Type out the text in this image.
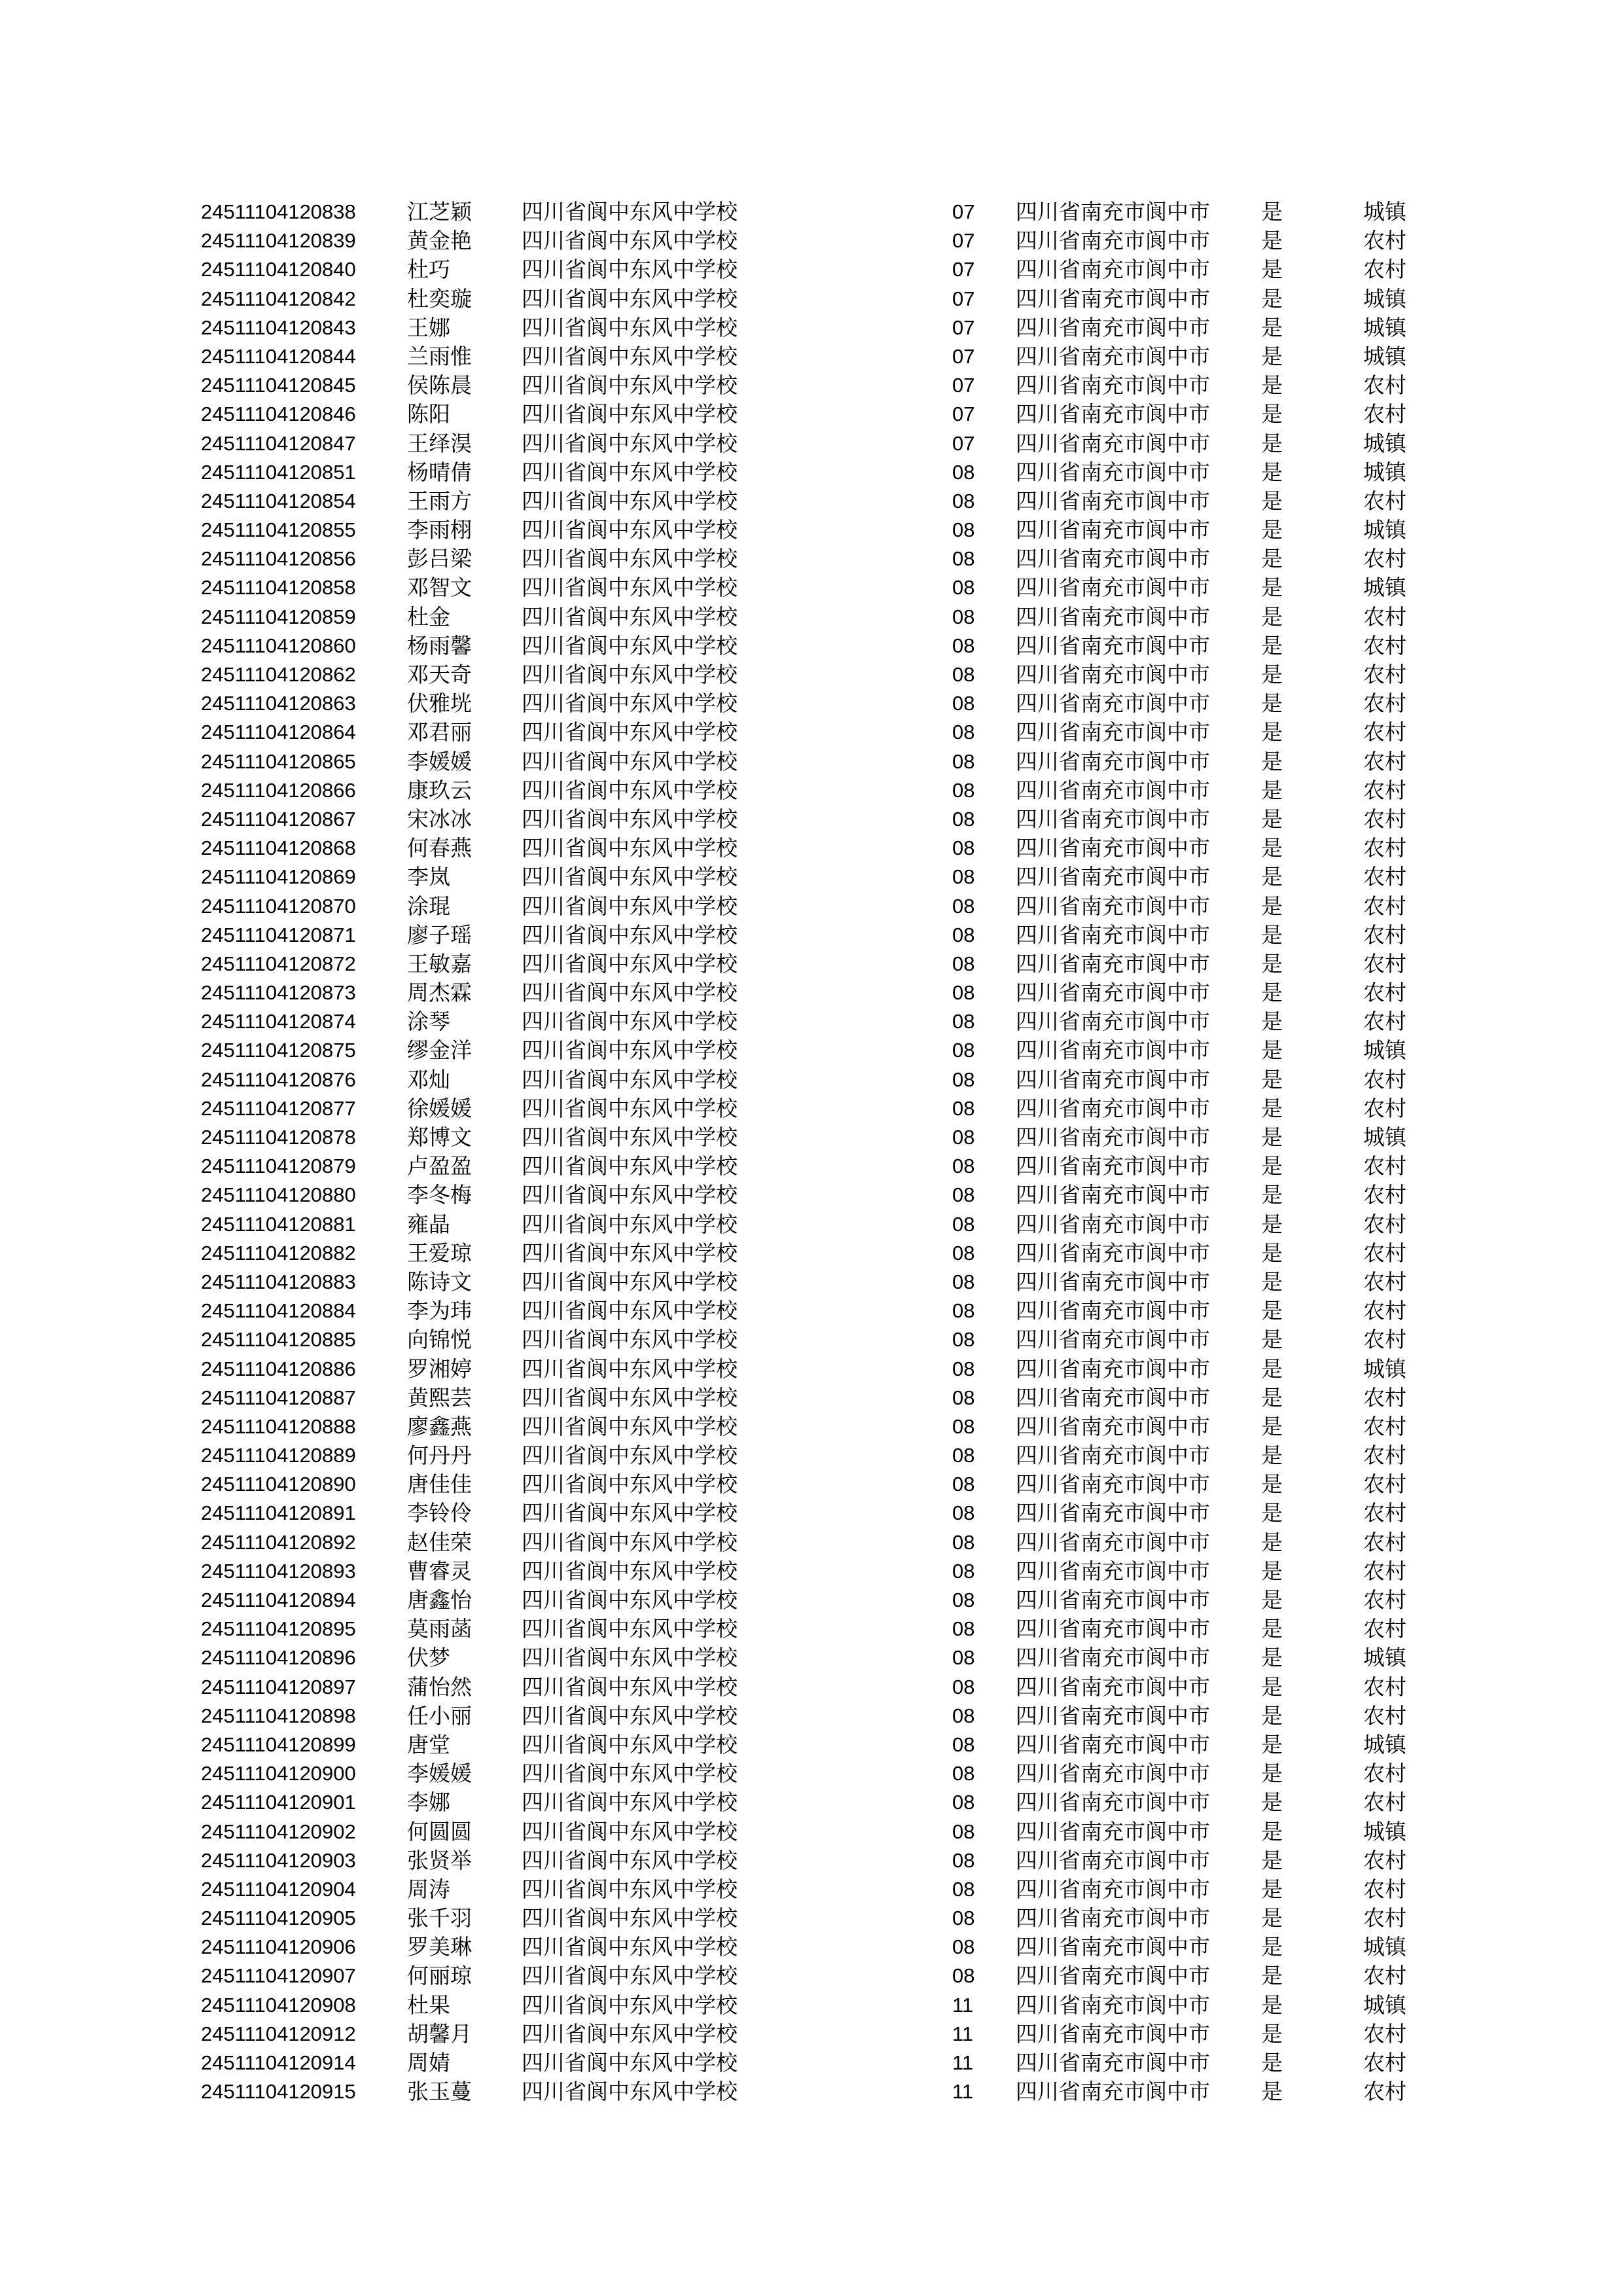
24511104120838 江芝颖 四川省阆中东风中学校	07 四川省南充市阆中市 是	城镇
24511104120839 黄金艳 四川省阆中东风中学校	07 四川省南充市阆中市 是	农村
24511104120840 杜巧	四川省阆中东风中学校	07 四川省南充市阆中市 是	农村
24511104120842 杜奕璇 四川省阆中东风中学校	07 四川省南充市阆中市 是	城镇
24511104120843 王娜	四川省阆中东风中学校	07 四川省南充市阆中市 是	城镇
24511104120844 兰雨惟 四川省阆中东风中学校	07 四川省南充市阆中市 是	城镇
24511104120845 侯陈晨 四川省阆中东风中学校	07 四川省南充市阆中市 是	农村
24511104120846 陈阳	四川省阆中东风中学校	07 四川省南充市阆中市 是	农村
24511104120847 王绎淏 四川省阆中东风中学校	07 四川省南充市阆中市 是	城镇
24511104120851 杨晴倩 四川省阆中东风中学校	08 四川省南充市阆中市 是	城镇
24511104120854 王雨方 四川省阆中东风中学校	08 四川省南充市阆中市 是	农村
24511104120855 李雨栩 四川省阆中东风中学校	08 四川省南充市阆中市 是	城镇
24511104120856 彭吕梁 四川省阆中东风中学校	08 四川省南充市阆中市 是	农村
24511104120858 邓智文 四川省阆中东风中学校	08 四川省南充市阆中市 是	城镇
24511104120859 杜金	四川省阆中东风中学校	08 四川省南充市阆中市 是	农村
24511104120860 杨雨馨 四川省阆中东风中学校	08 四川省南充市阆中市 是	农村
24511104120862 邓天奇 四川省阆中东风中学校	08 四川省南充市阆中市 是	农村
24511104120863 伏雅垙 四川省阆中东风中学校	08 四川省南充市阆中市 是	农村
24511104120864 邓君丽 四川省阆中东风中学校	08 四川省南充市阆中市 是	农村
24511104120865 李媛媛 四川省阆中东风中学校	08 四川省南充市阆中市 是	农村
24511104120866 康玖云 四川省阆中东风中学校	08 四川省南充市阆中市 是	农村
24511104120867 宋冰冰 四川省阆中东风中学校	08 四川省南充市阆中市 是	农村
24511104120868 何春燕 四川省阆中东风中学校	08 四川省南充市阆中市 是	农村
24511104120869 李岚	四川省阆中东风中学校	08 四川省南充市阆中市 是	农村
24511104120870 涂琨	四川省阆中东风中学校	08 四川省南充市阆中市 是	农村
24511104120871 廖子瑶 四川省阆中东风中学校	08 四川省南充市阆中市 是	农村
24511104120872 王敏嘉 四川省阆中东风中学校	08 四川省南充市阆中市 是	农村
24511104120873 周杰霖 四川省阆中东风中学校	08 四川省南充市阆中市 是	农村
24511104120874 涂琴	四川省阆中东风中学校	08 四川省南充市阆中市 是	农村
24511104120875 缪金洋 四川省阆中东风中学校	08 四川省南充市阆中市 是	城镇
24511104120876 邓灿	四川省阆中东风中学校	08 四川省南充市阆中市 是	农村
24511104120877 徐媛媛 四川省阆中东风中学校	08 四川省南充市阆中市 是	农村
24511104120878 郑博文 四川省阆中东风中学校	08 四川省南充市阆中市 是	城镇
24511104120879 卢盈盈 四川省阆中东风中学校	08 四川省南充市阆中市 是	农村
24511104120880 李冬梅 四川省阆中东风中学校	08 四川省南充市阆中市 是	农村
24511104120881 雍晶	四川省阆中东风中学校	08 四川省南充市阆中市 是	农村
24511104120882 王爱琼 四川省阆中东风中学校	08 四川省南充市阆中市 是	农村
24511104120883 陈诗文 四川省阆中东风中学校	08 四川省南充市阆中市 是	农村
24511104120884 李为玮 四川省阆中东风中学校	08 四川省南充市阆中市 是	农村
24511104120885 向锦悦 四川省阆中东风中学校	08 四川省南充市阆中市 是	农村
24511104120886 罗湘婷 四川省阆中东风中学校	08 四川省南充市阆中市 是	城镇
24511104120887 黄熙芸 四川省阆中东风中学校	08 四川省南充市阆中市 是	农村
24511104120888 廖鑫燕 四川省阆中东风中学校	08 四川省南充市阆中市 是	农村
24511104120889 何丹丹 四川省阆中东风中学校	08 四川省南充市阆中市 是	农村
24511104120890 唐佳佳 四川省阆中东风中学校	08 四川省南充市阆中市 是	农村
24511104120891 李铃伶 四川省阆中东风中学校	08 四川省南充市阆中市 是	农村
24511104120892 赵佳荣 四川省阆中东风中学校	08 四川省南充市阆中市 是	农村
24511104120893 曹睿灵 四川省阆中东风中学校	08 四川省南充市阆中市 是	农村
24511104120894 唐鑫怡 四川省阆中东风中学校	08 四川省南充市阆中市 是	农村
24511104120895 莫雨菡 四川省阆中东风中学校	08 四川省南充市阆中市 是	农村
24511104120896 伏梦	四川省阆中东风中学校	08 四川省南充市阆中市 是	城镇
24511104120897 蒲怡然 四川省阆中东风中学校	08 四川省南充市阆中市 是	农村
24511104120898 任小丽 四川省阆中东风中学校	08 四川省南充市阆中市 是	农村
24511104120899 唐堂	四川省阆中东风中学校	08 四川省南充市阆中市 是	城镇
24511104120900 李媛媛 四川省阆中东风中学校	08 四川省南充市阆中市 是	农村
24511104120901 李娜	四川省阆中东风中学校	08 四川省南充市阆中市 是	农村
24511104120902 何圆圆 四川省阆中东风中学校	08 四川省南充市阆中市 是	城镇
24511104120903 张贤举 四川省阆中东风中学校	08 四川省南充市阆中市 是	农村
24511104120904 周涛	四川省阆中东风中学校	08 四川省南充市阆中市 是	农村
24511104120905 张千羽 四川省阆中东风中学校	08 四川省南充市阆中市 是	农村
24511104120906 罗美琳 四川省阆中东风中学校	08 四川省南充市阆中市 是	城镇
24511104120907 何丽琼 四川省阆中东风中学校	08 四川省南充市阆中市 是	农村
24511104120908 杜果	四川省阆中东风中学校	11 四川省南充市阆中市 是	城镇
24511104120912 胡馨月 四川省阆中东风中学校	11 四川省南充市阆中市 是	农村
24511104120914 周婧	四川省阆中东风中学校	11 四川省南充市阆中市 是	农村
24511104120915 张玉蔓 四川省阆中东风中学校	11 四川省南充市阆中市 是	农村
